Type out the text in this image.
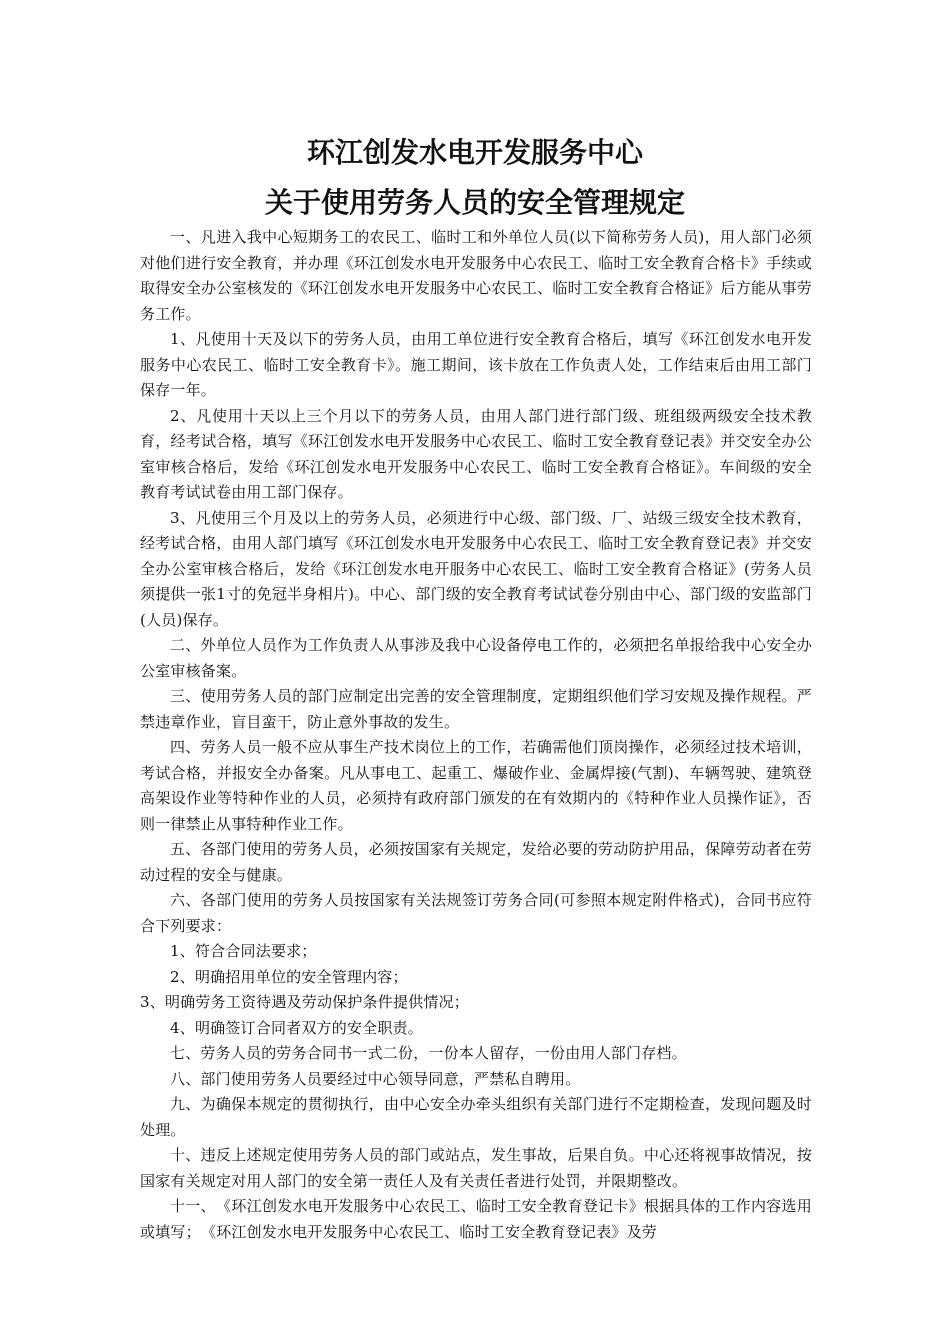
环江创发水电开发服务中心
关于使用劳务人员的安全管理规定

一、凡进入我中心短期务工的农民工、临时工和外单位人员(以下简称劳务人员)，用人部门必须对他们进行安全教育，并办理《环江创发水电开发服务中心农民工、临时工安全教育合格卡》手续或取得安全办公室核发的《环江创发水电开发服务中心农民工、临时工安全教育合格证》后方能从事劳务工作。

1、凡使用十天及以下的劳务人员，由用工单位进行安全教育合格后，填写《环江创发水电开发服务中心农民工、临时工安全教育卡》。施工期间，该卡放在工作负责人处，工作结束后由用工部门保存一年。

2、凡使用十天以上三个月以下的劳务人员，由用人部门进行部门级、班组级两级安全技术教育，经考试合格，填写《环江创发水电开发服务中心农民工、临时工安全教育登记表》并交安全办公室审核合格后，发给《环江创发水电开发服务中心农民工、临时工安全教育合格证》。车间级的安全教育考试试卷由用工部门保存。

3、凡使用三个月及以上的劳务人员，必须进行中心级、部门级、厂、站级三级安全技术教育，经考试合格，由用人部门填写《环江创发水电开发服务中心农民工、临时工安全教育登记表》并交安全办公室审核合格后，发给《环江创发水电开服务中心农民工、临时工安全教育合格证》(劳务人员须提供一张1寸的免冠半身相片)。中心、部门级的安全教育考试试卷分别由中心、部门级的安监部门(人员)保存。

二、外单位人员作为工作负责人从事涉及我中心设备停电工作的，必须把名单报给我中心安全办公室审核备案。

三、使用劳务人员的部门应制定出完善的安全管理制度，定期组织他们学习安规及操作规程。严禁违章作业，盲目蛮干，防止意外事故的发生。

四、劳务人员一般不应从事生产技术岗位上的工作，若确需他们顶岗操作，必须经过技术培训，考试合格，并报安全办备案。凡从事电工、起重工、爆破作业、金属焊接(气割)、车辆驾驶、建筑登高架设作业等特种作业的人员，必须持有政府部门颁发的在有效期内的《特种作业人员操作证》，否则一律禁止从事特种作业工作。

五、各部门使用的劳务人员，必须按国家有关规定，发给必要的劳动防护用品，保障劳动者在劳动过程的安全与健康。

六、各部门使用的劳务人员按国家有关法规签订劳务合同(可参照本规定附件格式)，合同书应符合下列要求：

1、符合合同法要求；

2、明确招用单位的安全管理内容；

3、明确劳务工资待遇及劳动保护条件提供情况；

4、明确签订合同者双方的安全职责。

七、劳务人员的劳务合同书一式二份，一份本人留存，一份由用人部门存档。

八、部门使用劳务人员要经过中心领导同意，严禁私自聘用。

九、为确保本规定的贯彻执行，由中心安全办牵头组织有关部门进行不定期检查，发现问题及时处理。

十、违反上述规定使用劳务人员的部门或站点，发生事故，后果自负。中心还将视事故情况，按国家有关规定对用人部门的安全第一责任人及有关责任者进行处罚，并限期整改。

十一、　《环江创发水电开发服务中心农民工、临时工安全教育登记卡》根据具体的工作内容选用或填写；　《环江创发水电开发服务中心农民工、临时工安全教育登记表》及劳
